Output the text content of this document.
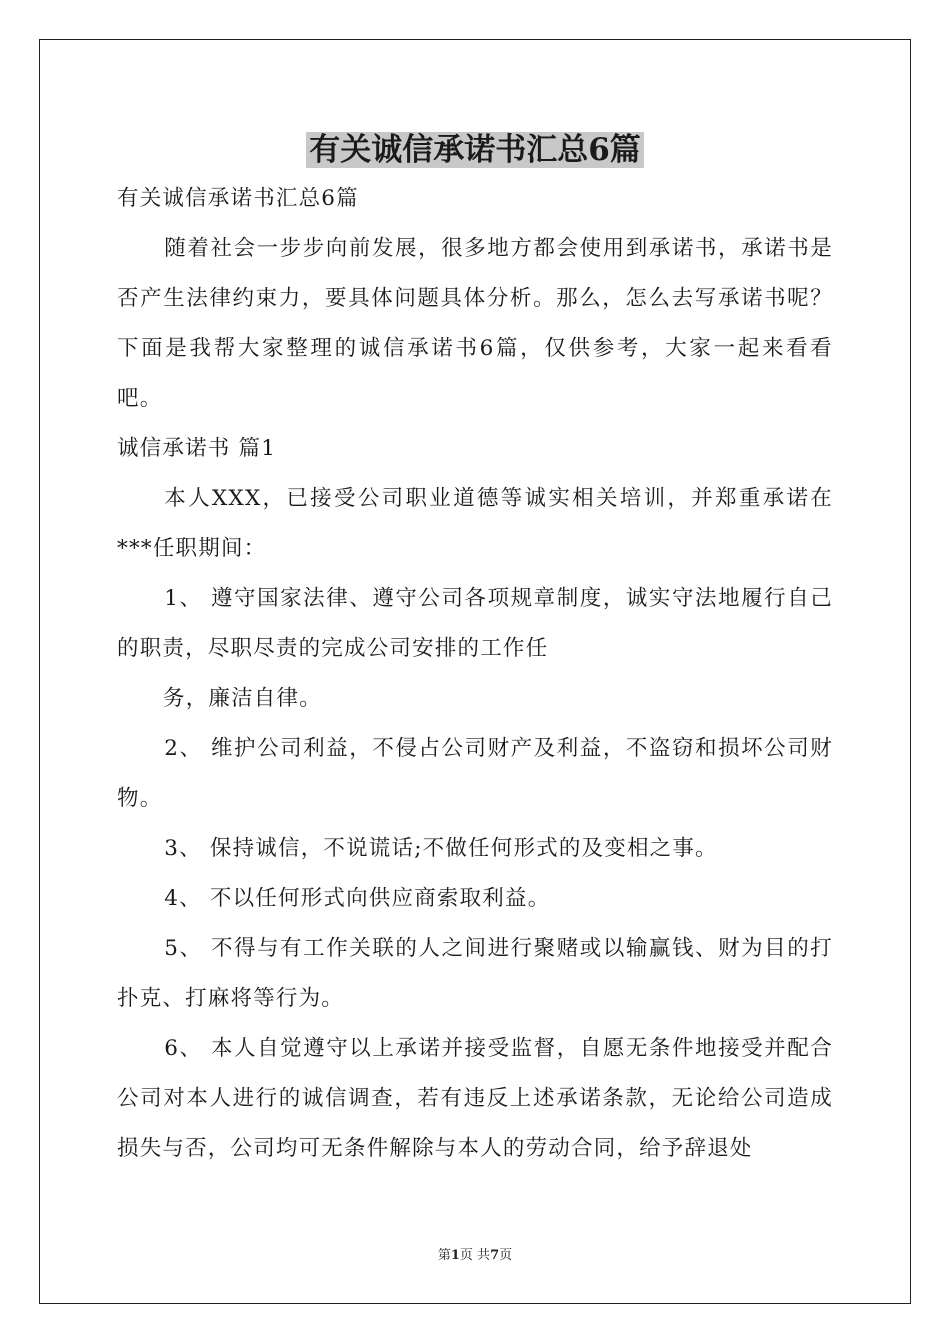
有关诚信承诺书汇总6篇

有关诚信承诺书汇总6篇

随着社会一步步向前发展，很多地方都会使用到承诺书，承诺书是否产生法律约束力，要具体问题具体分析。那么，怎么去写承诺书呢？下面是我帮大家整理的诚信承诺书6篇，仅供参考，大家一起来看看吧。

诚信承诺书 篇1

本人XXX，已接受公司职业道德等诚实相关培训，并郑重承诺在***任职期间：

1、 遵守国家法律、遵守公司各项规章制度，诚实守法地履行自己的职责，尽职尽责的完成公司安排的工作任

务，廉洁自律。

2、 维护公司利益，不侵占公司财产及利益，不盗窃和损坏公司财物。

3、 保持诚信，不说谎话;不做任何形式的及变相之事。

4、 不以任何形式向供应商索取利益。

5、 不得与有工作关联的人之间进行聚赌或以输赢钱、财为目的打扑克、打麻将等行为。

6、 本人自觉遵守以上承诺并接受监督，自愿无条件地接受并配合公司对本人进行的诚信调查，若有违反上述承诺条款，无论给公司造成损失与否，公司均可无条件解除与本人的劳动合同，给予辞退处

第1页 共7页
